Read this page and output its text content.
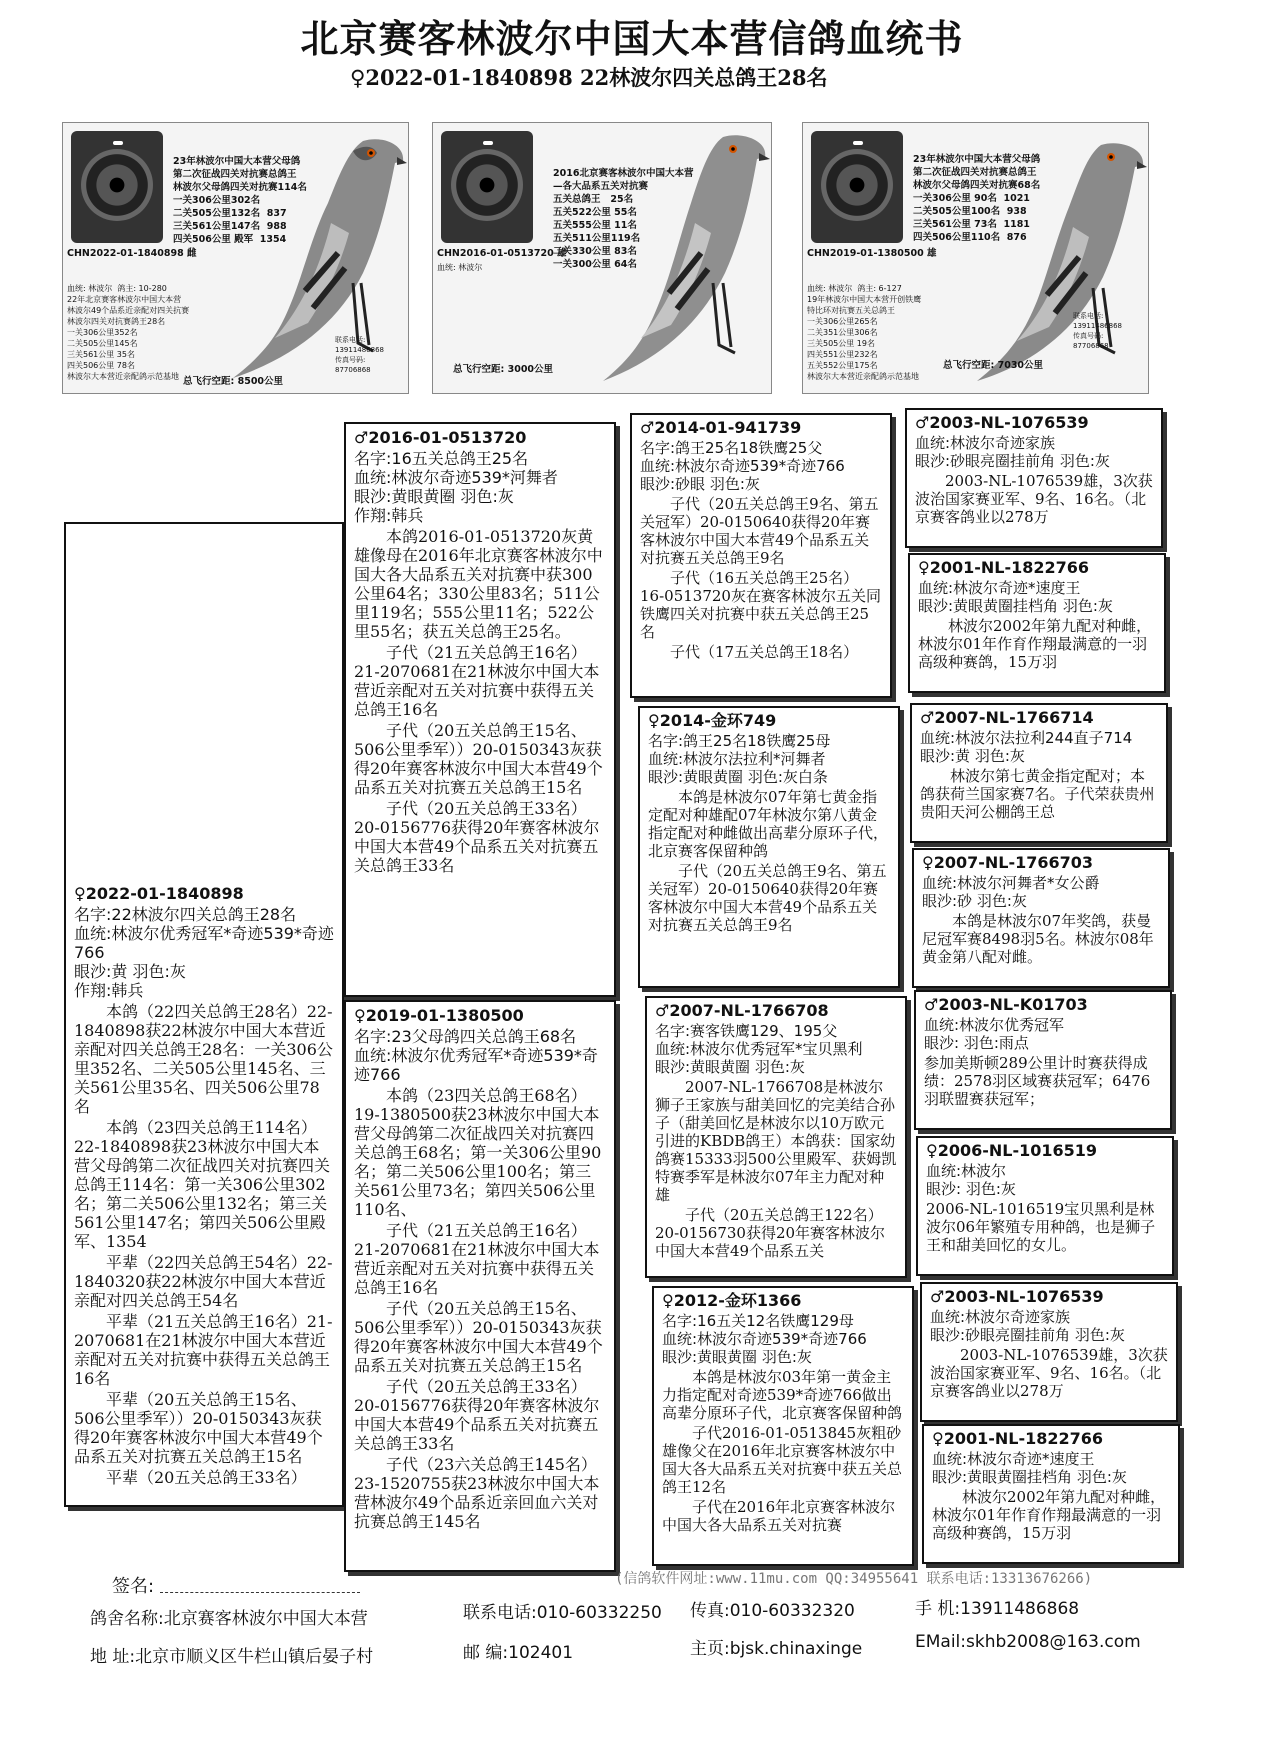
北京赛客林波尔中国大本营信鸽血统书
♀2022-01-1840898 22林波尔四关总鸽王28名

23年林波尔中国大本营父母鸽
第二次征战四关对抗赛总鸽王
林波尔父母鸽四关对抗赛114名
一关306公里302名
二关505公里132名  837
三关561公里147名  988
四关506公里 殿军  1354

CHN2022-01-1840898 雌

血统: 林波尔  鸽主: 10-280
22年北京赛客林波尔中国大本营
林波尔49个品系近亲配对四关抗赛
林波尔四关对抗赛鸽王28名
一关306公里352名
二关505公里145名
三关561公里 35名
四关506公里 78名
林波尔大本营近亲配鸽示范基地

联系电话:
13911486868
传真号码:
87706868

总飞行空距: 8500公里

2016北京赛客林波尔中国大本营
—各大品系五关对抗赛
五关总鸽王   25名
五关522公里 55名
五关555公里 11名
五关511公里119名
二关330公里 83名
一关300公里 64名

CHN2016-01-0513720 雄
血统: 林波尔
总飞行空距: 3000公里

23年林波尔中国大本营父母鸽
第二次征战四关对抗赛总鸽王
林波尔父母鸽四关对抗赛68名
一关306公里 90名  1021
二关505公里100名  938
三关561公里 73名  1181
四关506公里110名  876

CHN2019-01-1380500 雄

血统: 林波尔  鸽主: 6-127
19年林波尔中国大本营开创铁鹰
特比环对抗赛五关总鸽王
一关306公里265名
二关351公里306名
三关505公里 19名
四关551公里232名
五关552公里175名
林波尔大本营近亲配鸽示范基地

联系电话:
13911486868
传真号码:
87706868

总飞行空距: 7030公里
♀2022-01-1840898
名字:22林波尔四关总鸽王28名
血统:林波尔优秀冠军*奇迹539*奇迹766
眼沙:黄 羽色:灰
作翔:韩兵
本鸽（22四关总鸽王28名）22-1840898获22林波尔中国大本营近亲配对四关总鸽王28名：一关306公里352名、二关505公里145名、三关561公里35名、四关506公里78名
本鸽（23四关总鸽王114名）22-1840898获23林波尔中国大本营父母鸽第二次征战四关对抗赛四关总鸽王114名：第一关306公里302名；第二关506公里132名；第三关561公里147名；第四关506公里殿军、1354
平辈（22四关总鸽王54名）22-1840320获22林波尔中国大本营近亲配对四关总鸽王54名
平辈（21五关总鸽王16名）21-2070681在21林波尔中国大本营近亲配对五关对抗赛中获得五关总鸽王16名
平辈（20五关总鸽王15名、506公里季军））20-0150343灰获得20年赛客林波尔中国大本营49个品系五关对抗赛五关总鸽王15名
平辈（20五关总鸽王33名）
♂2016-01-0513720
名字:16五关总鸽王25名
血统:林波尔奇迹539*河舞者
眼沙:黄眼黄圈 羽色:灰
作翔:韩兵
本鸽2016-01-0513720灰黄雄像母在2016年北京赛客林波尔中国大各大品系五关对抗赛中获300公里64名；330公里83名；511公里119名；555公里11名；522公里55名；获五关总鸽王25名。
子代（21五关总鸽王16名）21-2070681在21林波尔中国大本营近亲配对五关对抗赛中获得五关总鸽王16名
子代（20五关总鸽王15名、506公里季军））20-0150343灰获得20年赛客林波尔中国大本营49个品系五关对抗赛五关总鸽王15名
子代（20五关总鸽王33名）20-0156776获得20年赛客林波尔中国大本营49个品系五关对抗赛五关总鸽王33名
♀2019-01-1380500
名字:23父母鸽四关总鸽王68名
血统:林波尔优秀冠军*奇迹539*奇迹766
本鸽（23四关总鸽王68名）19-1380500获23林波尔中国大本营父母鸽第二次征战四关对抗赛四关总鸽王68名；第一关306公里90名；第二关506公里100名；第三关561公里73名；第四关506公里110名、
子代（21五关总鸽王16名）21-2070681在21林波尔中国大本营近亲配对五关对抗赛中获得五关总鸽王16名
子代（20五关总鸽王15名、506公里季军））20-0150343灰获得20年赛客林波尔中国大本营49个品系五关对抗赛五关总鸽王15名
子代（20五关总鸽王33名）20-0156776获得20年赛客林波尔中国大本营49个品系五关对抗赛五关总鸽王33名
子代（23六关总鸽王145名）23-1520755获23林波尔中国大本营林波尔49个品系近亲回血六关对抗赛总鸽王145名
♂2014-01-941739
名字:鸽王25名18铁鹰25父
血统:林波尔奇迹539*奇迹766
眼沙:砂眼 羽色:灰
子代（20五关总鸽王9名、第五关冠军）20-0150640获得20年赛客林波尔中国大本营49个品系五关对抗赛五关总鸽王9名
子代（16五关总鸽王25名）16-0513720灰在赛客林波尔五关同铁鹰四关对抗赛中获五关总鸽王25名
子代（17五关总鸽王18名）
♀2014-金环749
名字:鸽王25名18铁鹰25母
血统:林波尔法拉利*河舞者
眼沙:黄眼黄圈 羽色:灰白条
本鸽是林波尔07年第七黄金指定配对种雄配07年林波尔第八黄金指定配对种雌做出高辈分原环子代，北京赛客保留种鸽
子代（20五关总鸽王9名、第五关冠军）20-0150640获得20年赛客林波尔中国大本营49个品系五关对抗赛五关总鸽王9名
♂2007-NL-1766708
名字:赛客铁鹰129、195父
血统:林波尔优秀冠军*宝贝黑利
眼沙:黄眼黄圈 羽色:灰
2007-NL-1766708是林波尔狮子王家族与甜美回忆的完美结合孙子（甜美回忆是林波尔以10万欧元引进的KBDB鸽王）本鸽获：国家幼鸽赛15333羽500公里殿军、获姆凯特赛季军是林波尔07年主力配对种雄
子代（20五关总鸽王122名）20-0156730获得20年赛客林波尔中国大本营49个品系五关
♀2012-金环1366
名字:16五关12名铁鹰129母
血统:林波尔奇迹539*奇迹766
眼沙:黄眼黄圈 羽色:灰
本鸽是林波尔03年第一黄金主力指定配对奇迹539*奇迹766做出高辈分原环子代，北京赛客保留种鸽
子代2016-01-0513845灰粗砂雄像父在2016年北京赛客林波尔中国大各大品系五关对抗赛中获五关总鸽王12名
子代在2016年北京赛客林波尔中国大各大品系五关对抗赛
♂2003-NL-1076539
血统:林波尔奇迹家族
眼沙:砂眼亮圈挂前角 羽色:灰
2003-NL-1076539雄，3次获波治国家赛亚军、9名、16名。（北京赛客鸽业以278万
♀2001-NL-1822766
血统:林波尔奇迹*速度王
眼沙:黄眼黄圈挂档角 羽色:灰
林波尔2002年第九配对种雌，林波尔01年作育作翔最满意的一羽高级种赛鸽，15万羽
♂2007-NL-1766714
血统:林波尔法拉利244直子714
眼沙:黄 羽色:灰
林波尔第七黄金指定配对；本鸽获荷兰国家赛7名。子代荣获贵州贵阳天河公棚鸽王总
♀2007-NL-1766703
血统:林波尔河舞者*女公爵
眼沙:砂 羽色:灰
本鸽是林波尔07年奖鸽，获曼尼冠军赛8498羽5名。林波尔08年黄金第八配对雌。
♂2003-NL-K01703
血统:林波尔优秀冠军
眼沙: 羽色:雨点
参加美斯顿289公里计时赛获得成绩：2578羽区域赛获冠军；6476羽联盟赛获冠军；
♀2006-NL-1016519
血统:林波尔
眼沙: 羽色:灰
2006-NL-1016519宝贝黑利是林波尔06年繁殖专用种鸽，也是狮子王和甜美回忆的女儿。
♂2003-NL-1076539
血统:林波尔奇迹家族
眼沙:砂眼亮圈挂前角 羽色:灰
2003-NL-1076539雄，3次获波治国家赛亚军、9名、16名。（北京赛客鸽业以278万
♀2001-NL-1822766
血统:林波尔奇迹*速度王
眼沙:黄眼黄圈挂档角 羽色:灰
林波尔2002年第九配对种雌，林波尔01年作育作翔最满意的一羽高级种赛鸽，15万羽
签名:	(信鸽软件网址:www.11mu.com QQ:34955641 联系电话:13313676266)
鸽舍名称:北京赛客林波尔中国大本营	联系电话:010-60332250 传真:010-60332320	手 机:13911486868
地 址:北京市顺义区牛栏山镇后晏子村	邮 编:102401	主页:bjsk.chinaxinge	EMail:skhb2008@163.com
